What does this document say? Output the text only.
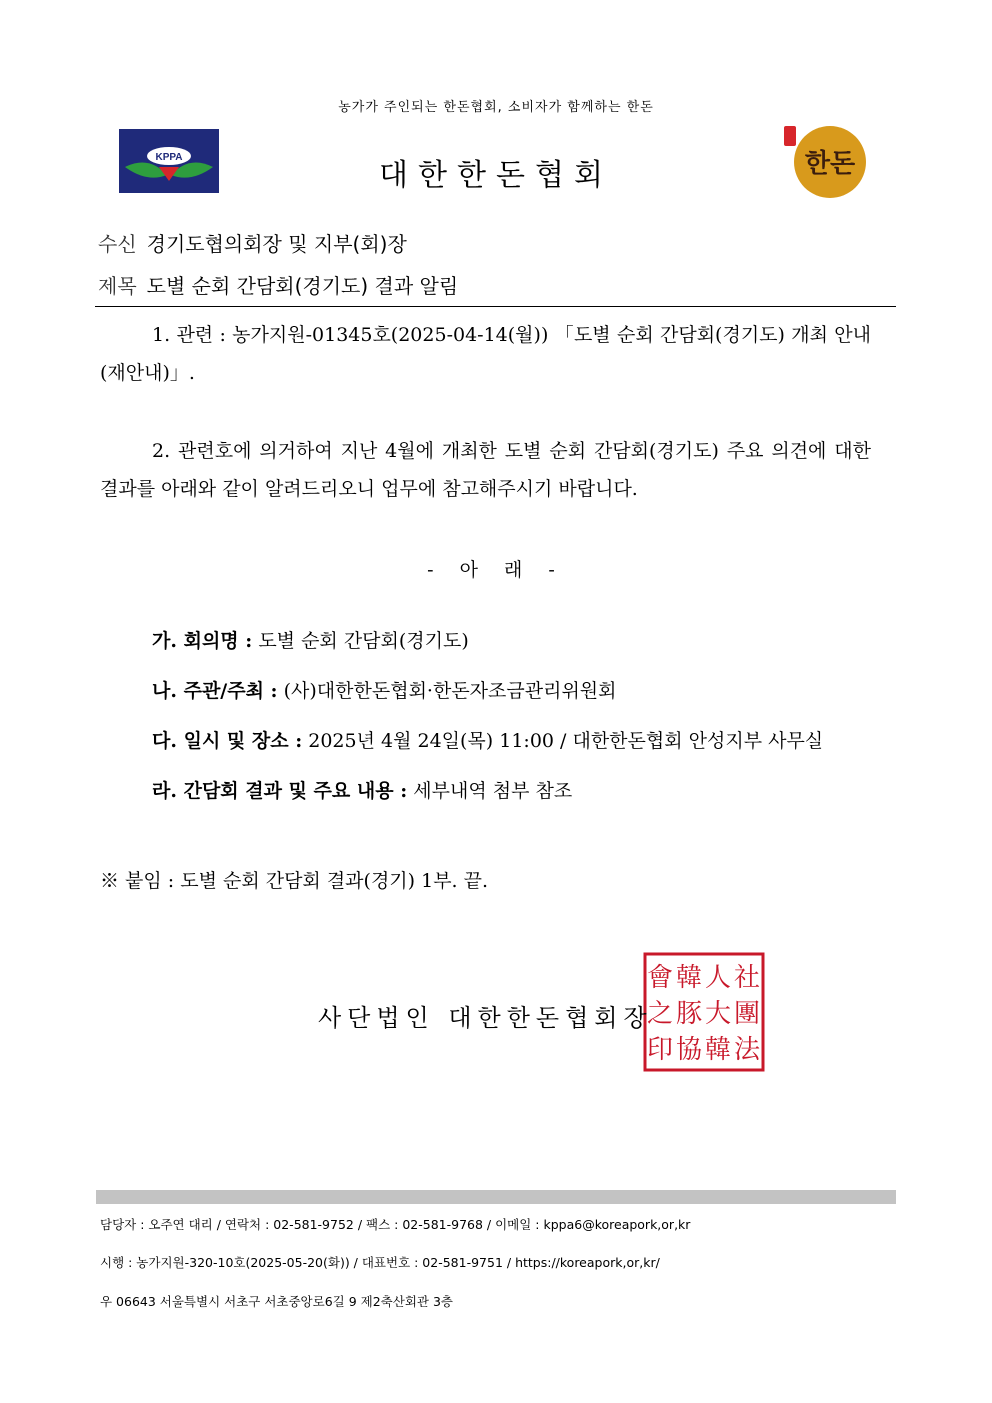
농가가 주인되는 한돈협회, 소비자가 함께하는 한돈
KPPA
대한한돈협회	한돈
수신 경기도협의회장 및 지부(회)장
제목 도별 순회 간담회(경기도) 결과 알림
1. 관련 : 농가지원-01345호(2025-04-14(월)) 「도별 순회 간담회(경기도) 개최 안내(재안내)」.
2. 관련호에 의거하여 지난 4월에 개최한 도별 순회 간담회(경기도) 주요 의견에 대한 결과를 아래와 같이 알려드리오니 업무에 참고해주시기 바랍니다.
- 아 래 -
가. 회의명 : 도별 순회 간담회(경기도)
나. 주관/주최 : (사)대한한돈협회·한돈자조금관리위원회
다. 일시 및 장소 : 2025년 4월 24일(목) 11:00 / 대한한돈협회 안성지부 사무실
라. 간담회 결과 및 주요 내용 : 세부내역 첨부 참조
※ 붙임 : 도별 순회 간담회 결과(경기) 1부. 끝.
社
團
法
人
大
韓
韓
豚
協
會
之
印
사단법인 대한한돈협회장
담당자 : 오주연 대리 / 연락처 : 02-581-9752 / 팩스 : 02-581-9768 / 이메일 : kppa6@koreapork,or,kr
시행 : 농가지원-320-10호(2025-05-20(화)) / 대표번호 : 02-581-9751 / https://koreapork,or,kr/
우 06643 서울특별시 서초구 서초중앙로6길 9 제2축산회관 3층
